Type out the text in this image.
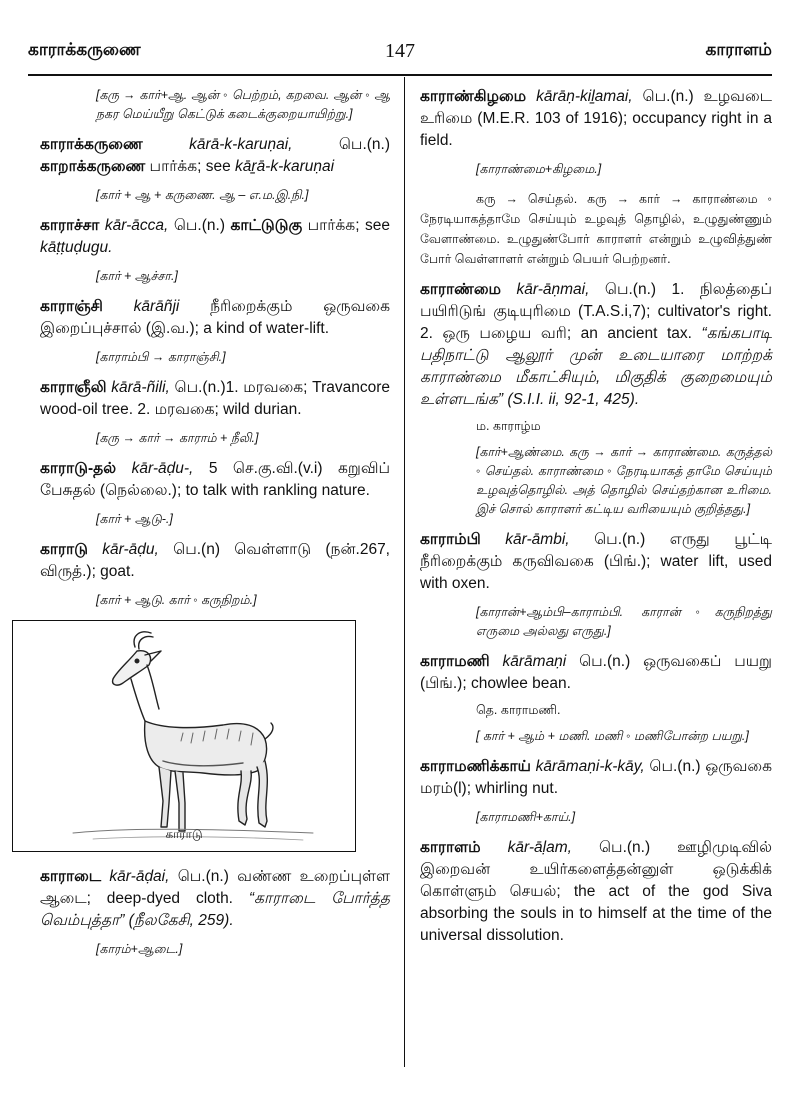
காராக்கருணை	147	காராளம்
[கரு → கார்+ஆ. ஆன் ◦ பெற்றம், கறவை. ஆன் ◦ ஆ நகர மெய்யீறு கெட்டுக் கடைக்குறையாயிற்று.]
காராக்கருணை	kārā-k-karuṇai, பெ.(n.) காறாக்கருணை பார்க்க; see kāṟā-k-karuṇai
[கார் + ஆ + கருணை. ஆ – எ.ம.இ.நி.]
காராச்சா kār-ācca, பெ.(n.) காட்டுடுகு பார்க்க; see kāṭṭuḍugu.
[கார் + ஆச்சா.]
காராஞ்சி kārāñji நீரிறைக்கும் ஒருவகை இறைப்புச்சால் (இ.வ.); a kind of water-lift.
[காராம்பி → காராஞ்சி.]
காராஞீலி kārā-ñili, பெ.(n.)1. மரவகை; Travancore wood-oil tree. 2. மரவகை; wild durian.
[கரு → கார் → காராம் + நீலி.]
காராடு-தல் kār-āḍu-, 5 செ.கு.வி.(v.i) கறுவிப் பேசுதல் (நெல்லை.); to talk with rankling nature.
[கார் + ஆடு-.]
காராடு kār-āḍu, பெ.(n) வெள்ளாடு (நன்.267, விருத்.); goat.
[கார் + ஆடு. கார் ◦ கருநிறம்.]
காராடு
காராடை kār-āḍai, பெ.(n.) வண்ண உறைப்புள்ள ஆடை; deep-dyed cloth. “காராடை போர்த்த வெம்புத்தா” (நீலகேசி, 259).
[காரம்+ஆடை.]
காராண்கிழமை kārāṇ-kiḻamai, பெ.(n.) உழவடை உரிமை (M.E.R. 103 of 1916); occupancy right in a field.
[காராண்மை+கிழமை.]
கரு → செய்தல். கரு → கார் → காராண்மை ◦ நேரடியாகத்தாமே செய்யும் உழவுத் தொழில், உழுதுண்ணும் வேளாண்மை. உழுதுண்போர் காராளர் என்றும் உழுவித்துண் போர் வெள்ளாளர் என்றும் பெயர் பெற்றனர்.
காராண்மை kār-āṇmai, பெ.(n.) 1. நிலத்தைப் பயிரிடுங் குடியுரிமை (T.A.S.i,7); cultivator's right. 2. ஒரு பழைய வரி; an ancient tax. “கங்கபாடி பதிநாட்டு ஆலூர் முன் உடையாரை மாற்றக் காராண்மை மீகாட்சியும், மிகுதிக் குறைமையும் உள்ளடங்க” (S.I.I. ii, 92-1, 425).
ம. காராழ்ம
[கார்+ஆண்மை. கரு → கார் → காராண்மை. கருத்தல் ◦ செய்தல். காராண்மை ◦ நேரடியாகத் தாமே செய்யும் உழவுத்தொழில். அத் தொழில் செய்தற்கான உரிமை. இச் சொல் காராளர் கட்டிய வரியையும் குறித்தது.]
காராம்பி kār-āmbi, பெ.(n.) எருது பூட்டி நீரிறைக்கும் கருவிவகை (பிங்.); water lift, used with oxen.
[காரான்+ஆம்பி–காராம்பி. காரான்◦கருநிறத்து எருமை அல்லது எருது.]
காராமணி kārāmaṇi பெ.(n.) ஒருவகைப் பயறு (பிங்.); chowlee bean.
தெ. காராமணி.
[ கார் + ஆம் + மணி. மணி ◦ மணிபோன்ற பயறு.]
காராமணிக்காய் kārāmaṇi-k-kāy, பெ.(n.) ஒருவகை மரம்(l); whirling nut.
[காராமணி+காய்.]
காராளம் kār-āḷam, பெ.(n.) ஊழிமுடிவில் இறைவன் உயிர்களைத்தன்னுள் ஒடுக்கிக் கொள்ளும் செயல்; the act of the god Siva absorbing the souls in to himself at the time of the universal dissolution.
